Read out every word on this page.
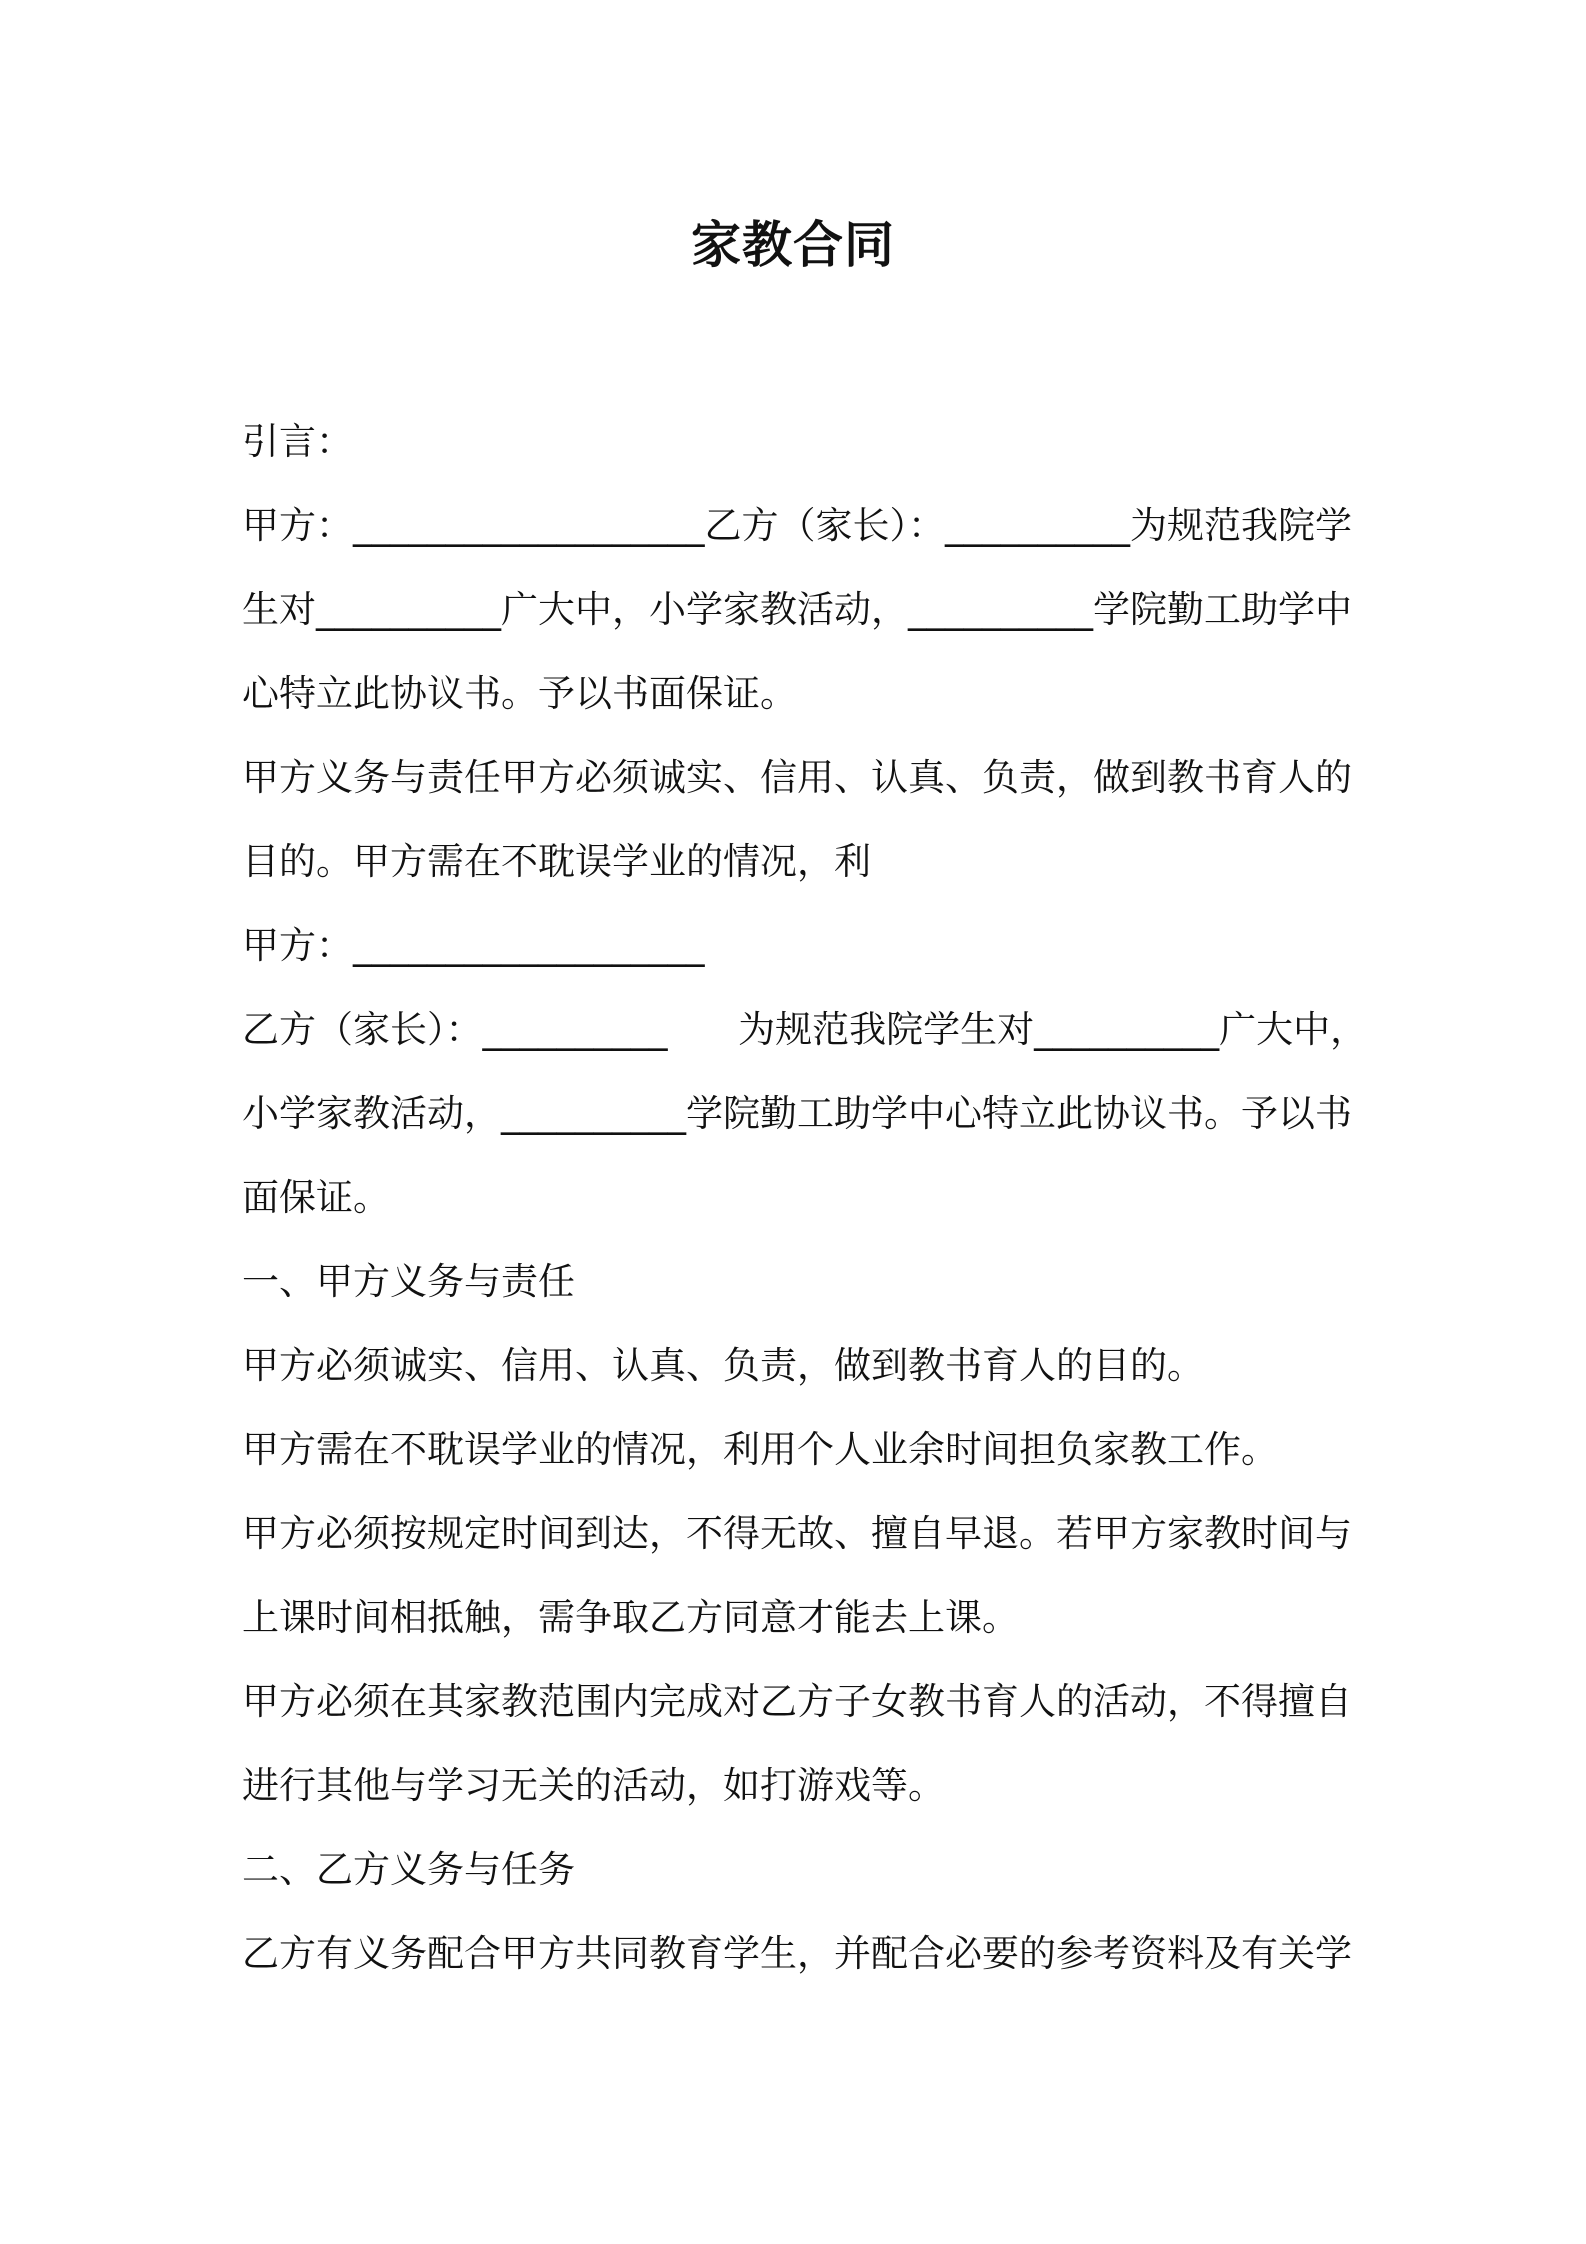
家教合同
引言：
甲方：___________________乙方（家长）：__________为规范我院学
生对__________广大中，小学家教活动，__________学院勤工助学中
心特立此协议书。予以书面保证。
甲方义务与责任甲方必须诚实、信用、认真、负责，做到教书育人的
目的。甲方需在不耽误学业的情况，利
甲方：___________________
乙方（家长）：__________      为规范我院学生对__________广大中，
小学家教活动，__________学院勤工助学中心特立此协议书。予以书
面保证。
一、甲方义务与责任
甲方必须诚实、信用、认真、负责，做到教书育人的目的。
甲方需在不耽误学业的情况，利用个人业余时间担负家教工作。
甲方必须按规定时间到达，不得无故、擅自早退。若甲方家教时间与
上课时间相抵触，需争取乙方同意才能去上课。
甲方必须在其家教范围内完成对乙方子女教书育人的活动，不得擅自
进行其他与学习无关的活动，如打游戏等。
二、乙方义务与任务
乙方有义务配合甲方共同教育学生，并配合必要的参考资料及有关学
